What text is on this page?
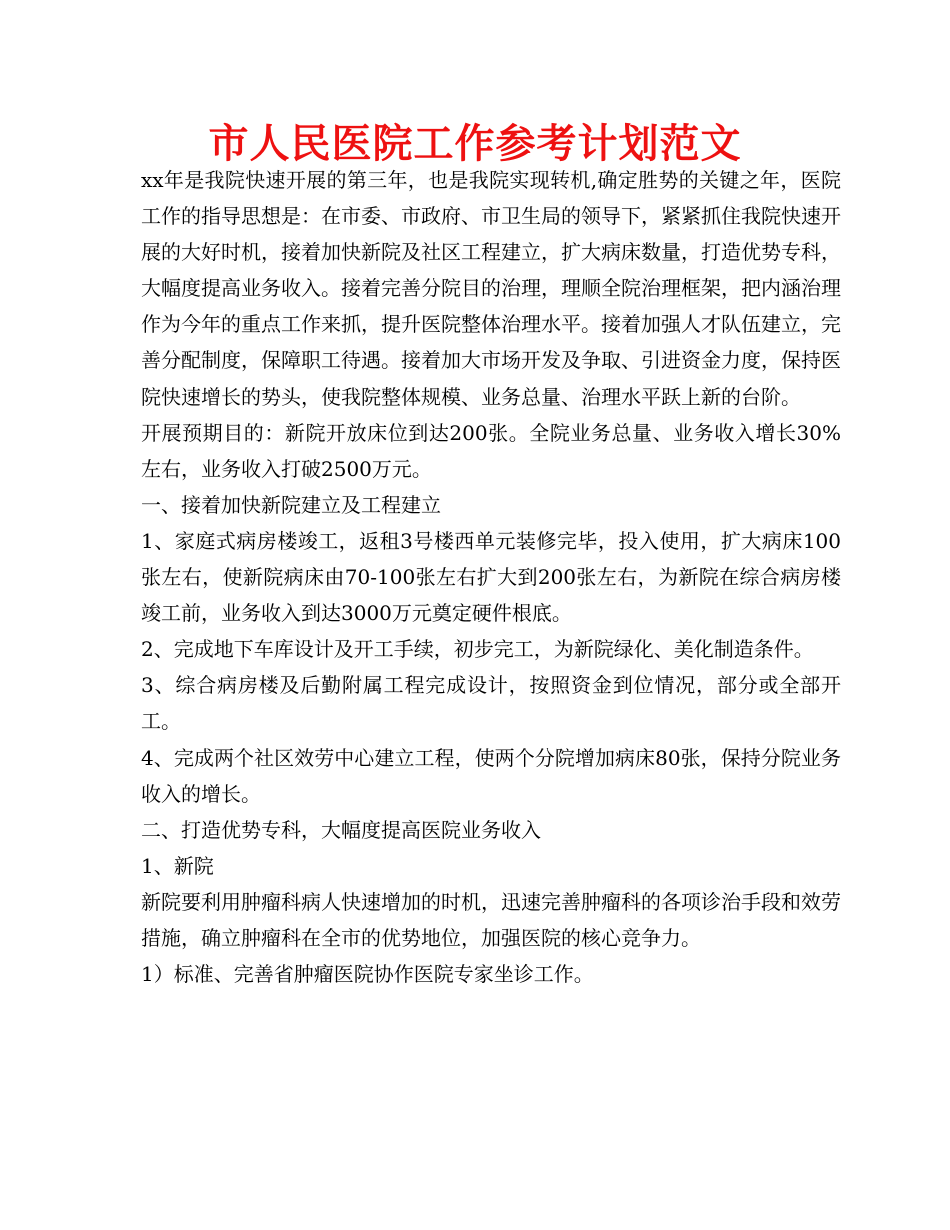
市人民医院工作参考计划范文

xx年是我院快速开展的第三年，也是我院实现转机,确定胜势的关键之年，医院工作的指导思想是：在市委、市政府、市卫生局的领导下，紧紧抓住我院快速开展的大好时机，接着加快新院及社区工程建立，扩大病床数量，打造优势专科，大幅度提高业务收入。接着完善分院目的治理，理顺全院治理框架，把内涵治理作为今年的重点工作来抓，提升医院整体治理水平。接着加强人才队伍建立，完善分配制度，保障职工待遇。接着加大市场开发及争取、引进资金力度，保持医院快速增长的势头，使我院整体规模、业务总量、治理水平跃上新的台阶。

开展预期目的：新院开放床位到达200张。全院业务总量、业务收入增长30%左右，业务收入打破2500万元。

一、接着加快新院建立及工程建立

1、家庭式病房楼竣工，返租3号楼西单元装修完毕，投入使用，扩大病床100张左右，使新院病床由70-100张左右扩大到200张左右，为新院在综合病房楼竣工前，业务收入到达3000万元奠定硬件根底。

2、完成地下车库设计及开工手续，初步完工，为新院绿化、美化制造条件。

3、综合病房楼及后勤附属工程完成设计，按照资金到位情况，部分或全部开工。

4、完成两个社区效劳中心建立工程，使两个分院增加病床80张，保持分院业务收入的增长。

二、打造优势专科，大幅度提高医院业务收入

1、新院

新院要利用肿瘤科病人快速增加的时机，迅速完善肿瘤科的各项诊治手段和效劳措施，确立肿瘤科在全市的优势地位，加强医院的核心竞争力。

1）标准、完善省肿瘤医院协作医院专家坐诊工作。
